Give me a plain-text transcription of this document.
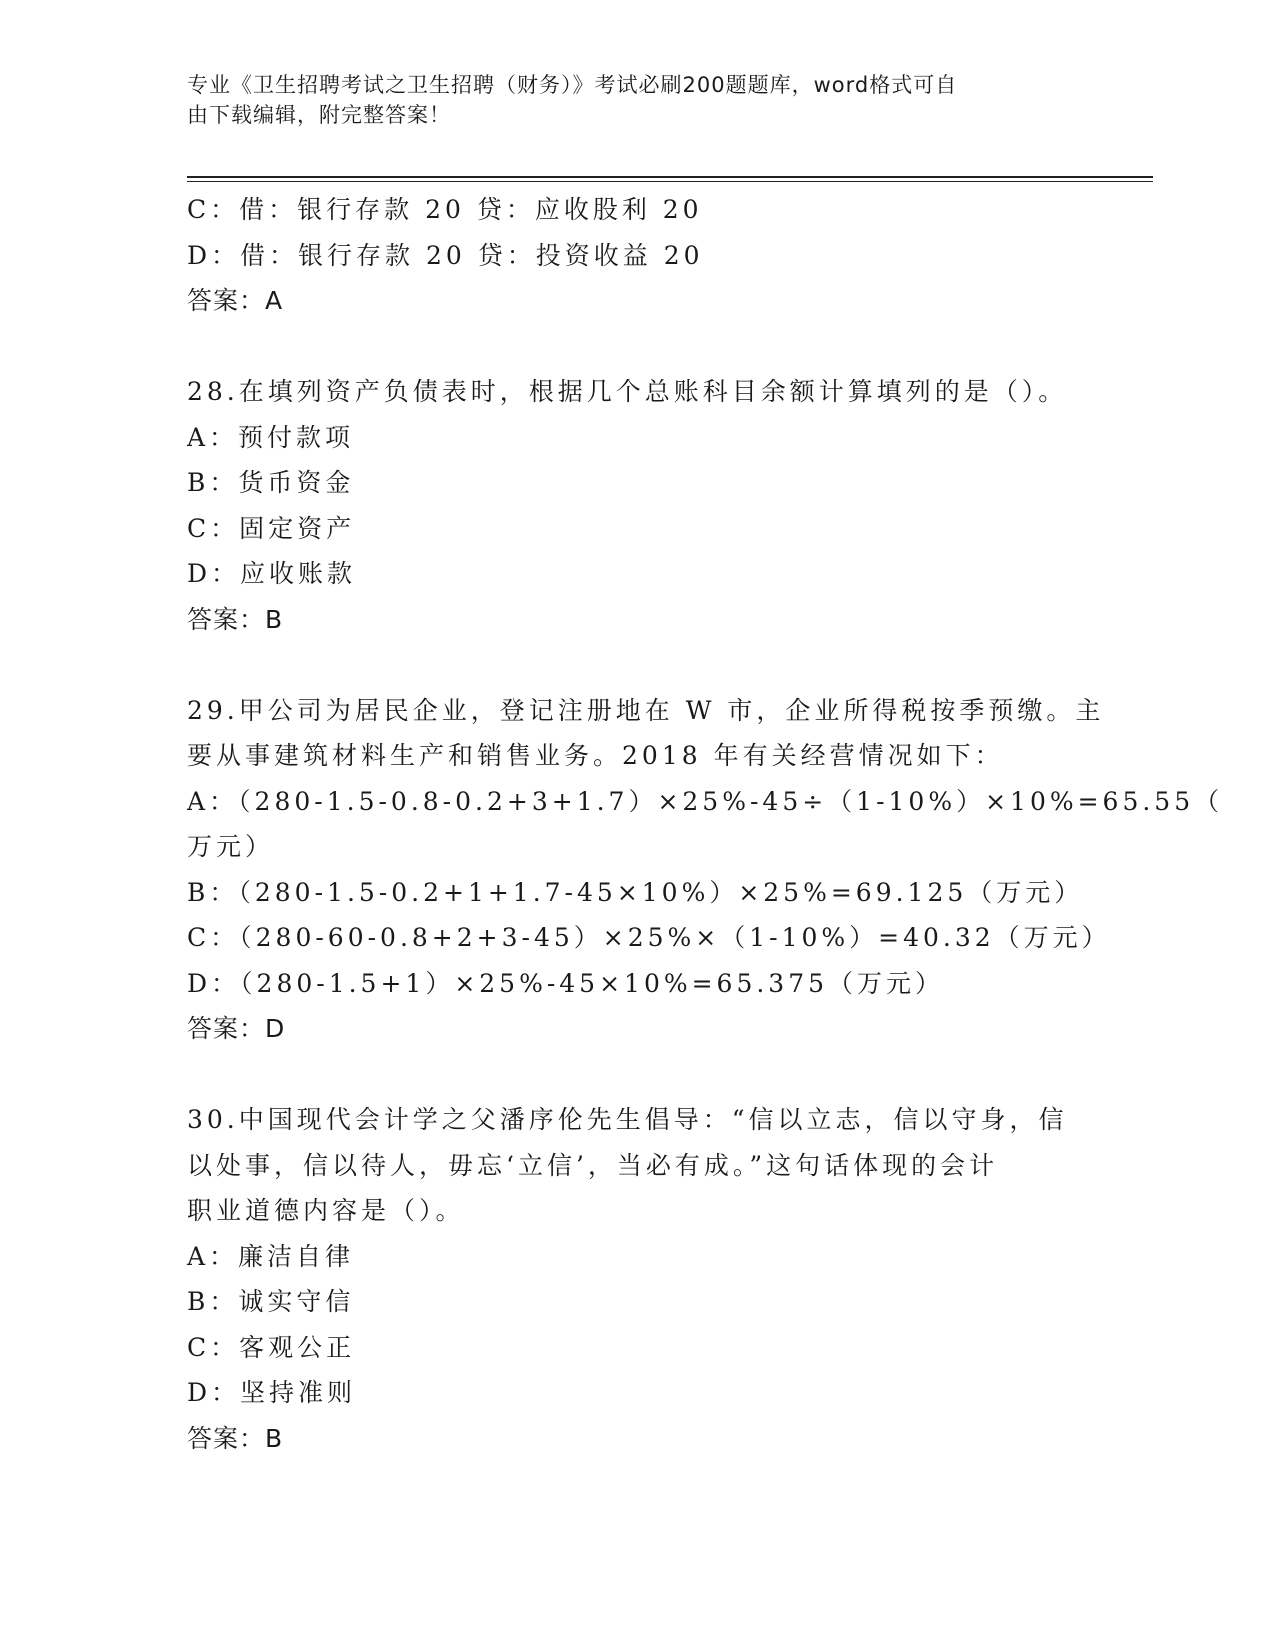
专业《卫生招聘考试之卫生招聘（财务）》考试必刷200题题库，word格式可自
由下载编辑，附完整答案！
C：借：银行存款 20 贷：应收股利 20
D：借：银行存款 20 贷：投资收益 20
答案：A
28.在填列资产负债表时，根据几个总账科目余额计算填列的是（）。
A：预付款项
B：货币资金
C：固定资产
D：应收账款
答案：B
29.甲公司为居民企业，登记注册地在 W 市，企业所得税按季预缴。主
要从事建筑材料生产和销售业务。2018 年有关经营情况如下：
A：（280-1.5-0.8-0.2+3+1.7）×25%-45÷（1-10%）×10%=65.55（
万元）
B：（280-1.5-0.2+1+1.7-45×10%）×25%=69.125（万元）
C：（280-60-0.8+2+3-45）×25%×（1-10%）=40.32（万元）
D：（280-1.5+1）×25%-45×10%=65.375（万元）
答案：D
30.中国现代会计学之父潘序伦先生倡导：“信以立志，信以守身，信
以处事，信以待人，毋忘‘立信’，当必有成。”这句话体现的会计
职业道德内容是（）。
A：廉洁自律
B：诚实守信
C：客观公正
D：坚持准则
答案：B
